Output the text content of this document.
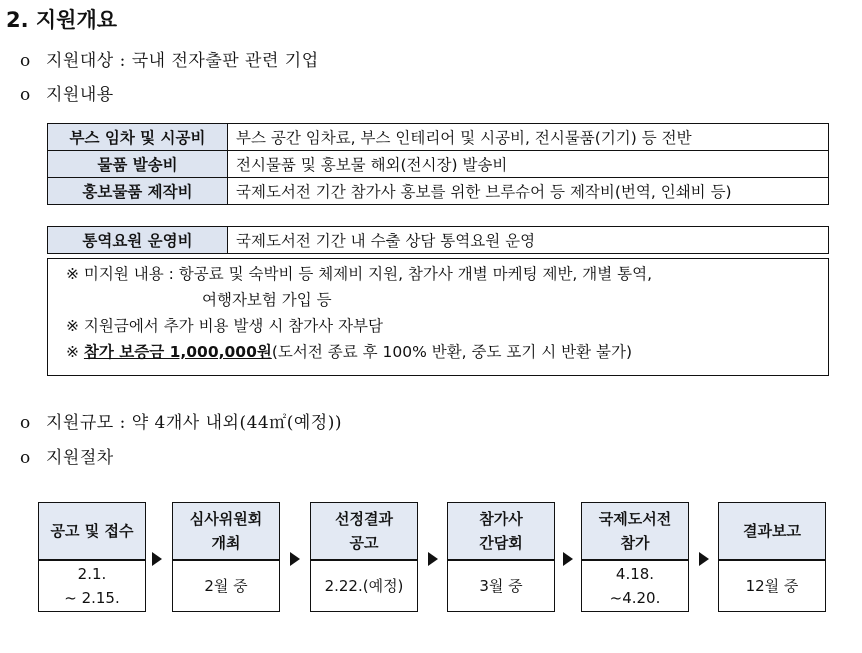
2. 지원개요
o 지원대상 : 국내 전자출판 관련 기업
o 지원내용
부스 임차 및 시공비	부스 공간 임차료, 부스 인테리어 및 시공비, 전시물품(기기) 등 전반
물품 발송비	전시물품 및 홍보물 해외(전시장) 발송비
홍보물품 제작비	국제도서전 기간 참가사 홍보를 위한 브루슈어 등 제작비(번역, 인쇄비 등)
통역요원 운영비	국제도서전 기간 내 수출 상담 통역요원 운영
※ 미지원 내용 : 항공료 및 숙박비 등 체제비 지원, 참가사 개별 마케팅 제반, 개별 통역,
여행자보험 가입 등
※ 지원금에서 추가 비용 발생 시 참가사 자부담
※ 참가 보증금 1,000,000원(도서전 종료 후 100% 반환, 중도 포기 시 반환 불가)
o 지원규모 : 약 4개사 내외(44㎡(예정))
o 지원절차
공고 및 접수
2.1.
~ 2.15.
심사위원회
개최
2월 중
선정결과
공고
2.22.(예정)
참가사
간담회
3월 중
국제도서전
참가
4.18.
~4.20.
결과보고
12월 중
